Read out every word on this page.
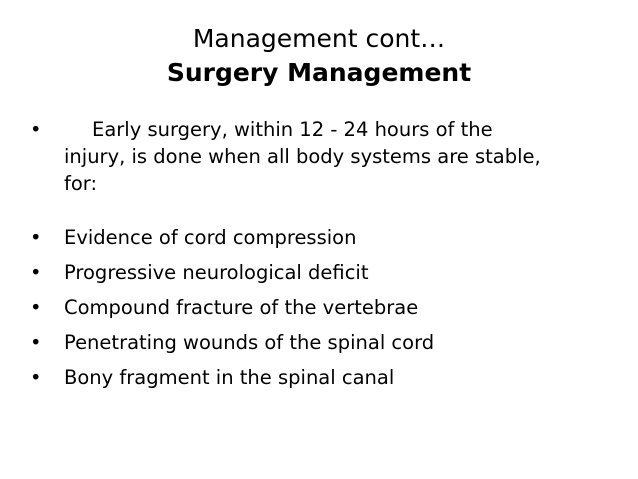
Management cont…
Surgery Management
•	Early surgery, within 12 - 24 hours of the
injury, is done when all body systems are stable,
for:
•	Evidence of cord compression
•	Progressive neurological deficit
•	Compound fracture of the vertebrae
•	Penetrating wounds of the spinal cord
•	Bony fragment in the spinal canal
